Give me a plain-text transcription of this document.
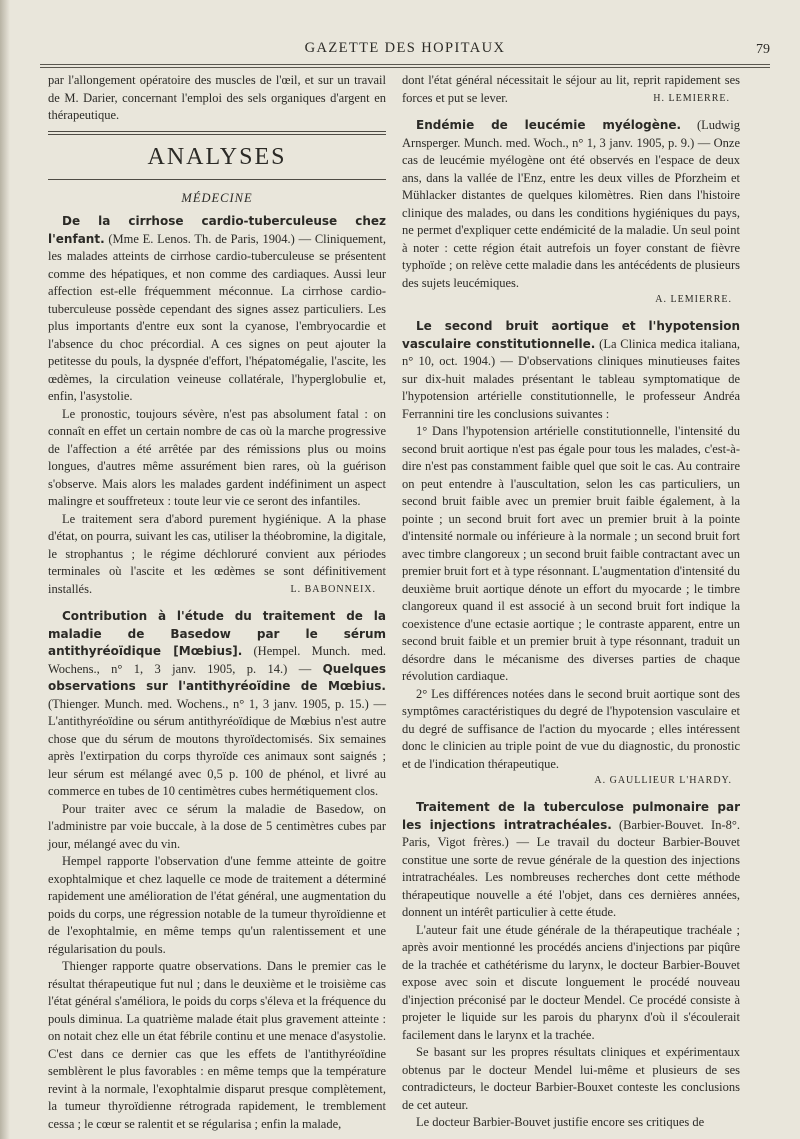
GAZETTE DES HOPITAUX	79

par l'allongement opératoire des muscles de l'œil, et sur un travail de M. Darier, concernant l'emploi des sels organiques d'argent en thérapeutique.

ANALYSES
MÉDECINE

De la cirrhose cardio-tuberculeuse chez l'enfant. (Mme E. Lenos. Th. de Paris, 1904.) — Cliniquement, les malades atteints de cirrhose cardio-tuberculeuse se présentent comme des hépatiques, et non comme des cardiaques. Aussi leur affection est-elle fréquemment méconnue. La cirrhose cardio-tuberculeuse possède cependant des signes assez particuliers. Les plus importants d'entre eux sont la cyanose, l'embryocardie et l'absence du choc précordial. A ces signes on peut ajouter la petitesse du pouls, la dyspnée d'effort, l'hépatomégalie, l'ascite, les œdèmes, la circulation veineuse collatérale, l'hyperglobulie et, enfin, l'asystolie.

Le pronostic, toujours sévère, n'est pas absolument fatal : on connaît en effet un certain nombre de cas où la marche progressive de l'affection a été arrêtée par des rémissions plus ou moins longues, d'autres même assurément bien rares, où la guérison s'observe. Mais alors les malades gardent indéfiniment un aspect malingre et souffreteux : toute leur vie ce seront des infantiles.

Le traitement sera d'abord purement hygiénique. A la phase d'état, on pourra, suivant les cas, utiliser la théobromine, la digitale, le strophantus ; le régime déchloruré convient aux périodes terminales où l'ascite et les œdèmes se sont définitivement installés.	L. BABONNEIX.

Contribution à l'étude du traitement de la maladie de Basedow par le sérum antithyréoïdique [Mœbius]. (Hempel. Munch. med. Wochens., n° 1, 3 janv. 1905, p. 14.) — Quelques observations sur l'antithyréoïdine de Mœbius. (Thienger. Munch. med. Wochens., n° 1, 3 janv. 1905, p. 15.) — L'antithyréoïdine ou sérum antithyréoïdique de Mœbius n'est autre chose que du sérum de moutons thyroïdectomisés. Six semaines après l'extirpation du corps thyroïde ces animaux sont saignés ; leur sérum est mélangé avec 0,5 p. 100 de phénol, et livré au commerce en tubes de 10 centimètres cubes hermétiquement clos.

Pour traiter avec ce sérum la maladie de Basedow, on l'administre par voie buccale, à la dose de 5 centimètres cubes par jour, mélangé avec du vin.

Hempel rapporte l'observation d'une femme atteinte de goitre exophtalmique et chez laquelle ce mode de traitement a déterminé rapidement une amélioration de l'état général, une augmentation du poids du corps, une régression notable de la tumeur thyroïdienne et de l'exophtalmie, en même temps qu'un ralentissement et une régularisation du pouls.

Thienger rapporte quatre observations. Dans le premier cas le résultat thérapeutique fut nul ; dans le deuxième et le troisième cas l'état général s'améliora, le poids du corps s'éleva et la fréquence du pouls diminua. La quatrième malade était plus gravement atteinte : on notait chez elle un état fébrile continu et une menace d'asystolie. C'est dans ce dernier cas que les effets de l'antithyréoïdine semblèrent le plus favorables : en même temps que la température revint à la normale, l'exophtalmie disparut presque complètement, la tumeur thyroïdienne rétrograda rapidement, le tremblement cessa ; le cœur se ralentit et se régularisa ; enfin la malade,

dont l'état général nécessitait le séjour au lit, reprit rapidement ses forces et put se lever.	H. LEMIERRE.

Endémie de leucémie myélogène. (Ludwig Arnsperger. Munch. med. Woch., n° 1, 3 janv. 1905, p. 9.) — Onze cas de leucémie myélogène ont été observés en l'espace de deux ans, dans la vallée de l'Enz, entre les deux villes de Pforzheim et Mühlacker distantes de quelques kilomètres. Rien dans l'histoire clinique des malades, ou dans les conditions hygiéniques du pays, ne permet d'expliquer cette endémicité de la maladie. Un seul point à noter : cette région était autrefois un foyer constant de fièvre typhoïde ; on relève cette maladie dans les antécédents de plusieurs des sujets leucémiques.

A. LEMIERRE.

Le second bruit aortique et l'hypotension vasculaire constitutionnelle. (La Clinica medica italiana, n° 10, oct. 1904.) — D'observations cliniques minutieuses faites sur dix-huit malades présentant le tableau symptomatique de l'hypotension artérielle constitutionnelle, le professeur Andréa Ferrannini tire les conclusions suivantes :

1° Dans l'hypotension artérielle constitutionnelle, l'intensité du second bruit aortique n'est pas égale pour tous les malades, c'est-à-dire n'est pas constamment faible quel que soit le cas. Au contraire on peut entendre à l'auscultation, selon les cas particuliers, un second bruit faible avec un premier bruit faible également, à la pointe ; un second bruit fort avec un premier bruit à la pointe d'intensité normale ou inférieure à la normale ; un second bruit fort avec timbre clangoreux ; un second bruit faible contractant avec un premier bruit fort et à type résonnant. L'augmentation d'intensité du deuxième bruit aortique dénote un effort du myocarde ; le timbre clangoreux quand il est associé à un second bruit fort indique la coexistence d'une ectasie aortique ; le contraste apparent, entre un second bruit faible et un premier bruit à type résonnant, traduit un désordre dans le mécanisme des diverses parties de chaque révolution cardiaque.

2° Les différences notées dans le second bruit aortique sont des symptômes caractéristiques du degré de l'hypotension vasculaire et du degré de suffisance de l'action du myocarde ; elles intéressent donc le clinicien au triple point de vue du diagnostic, du pronostic et de l'indication thérapeutique.

A. GAULLIEUR L'HARDY.

Traitement de la tuberculose pulmonaire par les injections intratrachéales. (Barbier-Bouvet. In-8°. Paris, Vigot frères.) — Le travail du docteur Barbier-Bouvet constitue une sorte de revue générale de la question des injections intratrachéales. Les nombreuses recherches dont cette méthode thérapeutique nouvelle a été l'objet, dans ces dernières années, donnent un intérêt particulier à cette étude.

L'auteur fait une étude générale de la thérapeutique trachéale ; après avoir mentionné les procédés anciens d'injections par piqûre de la trachée et cathétérisme du larynx, le docteur Barbier-Bouvet expose avec soin et discute longuement le procédé nouveau d'injection préconisé par le docteur Mendel. Ce procédé consiste à projeter le liquide sur les parois du pharynx d'où il s'écoulerait facilement dans le larynx et la trachée.

Se basant sur les propres résultats cliniques et expérimentaux obtenus par le docteur Mendel lui-même et plusieurs de ses contradicteurs, le docteur Barbier-Bouxet conteste les conclusions de cet auteur.

Le docteur Barbier-Bouvet justifie encore ses critiques de
